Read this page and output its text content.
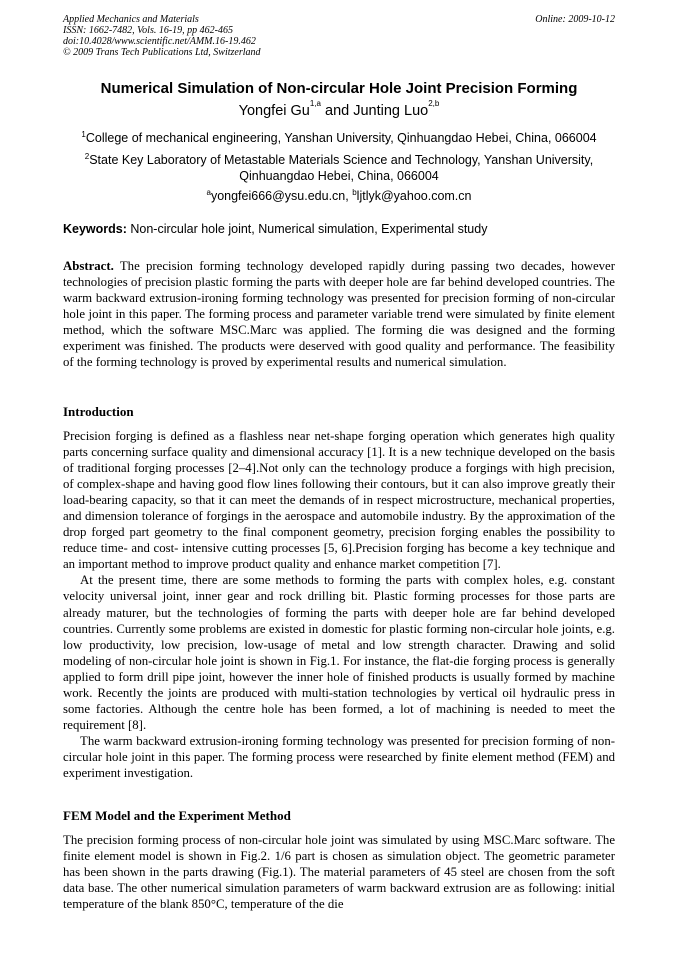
Applied Mechanics and Materials
ISSN: 1662-7482, Vols. 16-19, pp 462-465
doi:10.4028/www.scientific.net/AMM.16-19.462
© 2009 Trans Tech Publications Ltd, Switzerland
Online: 2009-10-12
Numerical Simulation of Non-circular Hole Joint Precision Forming
Yongfei Gu$^{1,a}$ and Junting Luo$^{2,b}$
$^1$College of mechanical engineering, Yanshan University, Qinhuangdao Hebei, China, 066004
$^2$State Key Laboratory of Metastable Materials Science and Technology, Yanshan University,
Qinhuangdao Hebei, China, 066004
$^a$yongfei666@ysu.edu.cn, $^b$ljtlyk@yahoo.com.cn
Keywords: Non-circular hole joint, Numerical simulation, Experimental study

Abstract. The precision forming technology developed rapidly during passing two decades, however technologies of precision plastic forming the parts with deeper hole are far behind developed countries. The warm backward extrusion-ironing forming technology was presented for precision forming of non-circular hole joint in this paper. The forming process and parameter variable trend were simulated by finite element method, which the software MSC.Marc was applied. The forming die was designed and the forming experiment was finished. The products were deserved with good quality and performance. The feasibility of the forming technology is proved by experimental results and numerical simulation.

Introduction

Precision forging is defined as a flashless near net-shape forging operation which generates high quality parts concerning surface quality and dimensional accuracy [1]. It is a new technique developed on the basis of traditional forging processes [2–4].Not only can the technology produce a forgings with high precision, of complex-shape and having good flow lines following their contours, but it can also improve greatly their load-bearing capacity, so that it can meet the demands of in respect microstructure, mechanical properties, and dimension tolerance of forgings in the aerospace and automobile industry. By the approximation of the drop forged part geometry to the final component geometry, precision forging enables the possibility to reduce time- and cost- intensive cutting processes [5, 6].Precision forging has become a key technique and an important method to improve product quality and enhance market competition [7].

At the present time, there are some methods to forming the parts with complex holes, e.g. constant velocity universal joint, inner gear and rock drilling bit. Plastic forming processes for those parts are already maturer, but the technologies of forming the parts with deeper hole are far behind developed countries. Currently some problems are existed in domestic for plastic forming non-circular hole joints, e.g. low productivity, low precision, low-usage of metal and low strength character. Drawing and solid modeling of non-circular hole joint is shown in Fig.1. For instance, the flat-die forging process is generally applied to form drill pipe joint, however the inner hole of finished products is usually formed by machine work. Recently the joints are produced with multi-station technologies by vertical oil hydraulic press in some factories. Although the centre hole has been formed, a lot of machining is needed to meet the requirement [8].

The warm backward extrusion-ironing forming technology was presented for precision forming of non-circular hole joint in this paper. The forming process were researched by finite element method (FEM) and experiment investigation.

FEM Model and the Experiment Method

The precision forming process of non-circular hole joint was simulated by using MSC.Marc software. The finite element model is shown in Fig.2. 1/6 part is chosen as simulation object. The geometric parameter has been shown in the parts drawing (Fig.1). The material parameters of 45 steel are chosen from the soft data base. The other numerical simulation parameters of warm backward extrusion are as following: initial temperature of the blank 850°C, temperature of the die
